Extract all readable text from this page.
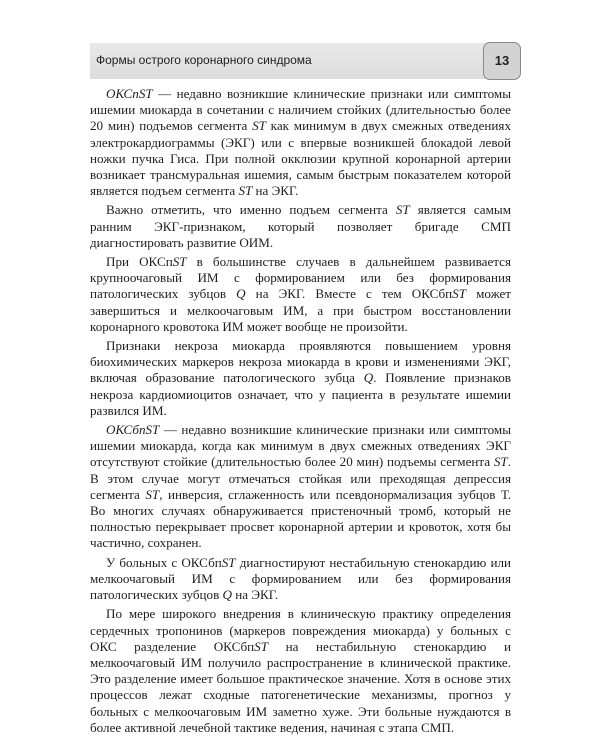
Формы острого коронарного синдрома	13

ОКСпST — недавно возникшие клинические признаки или симптомы ишемии миокарда в сочетании с наличием стойких (длительностью более 20 мин) подъемов сегмента ST как минимум в двух смежных отведениях электрокардиограммы (ЭКГ) или с впервые возникшей блокадой левой ножки пучка Гиса. При полной окклюзии крупной коронарной артерии возникает трансмуральная ишемия, самым быстрым показателем которой является подъем сегмента ST на ЭКГ.

Важно отметить, что именно подъем сегмента ST является самым ранним ЭКГ-признаком, который позволяет бригаде СМП диагностировать развитие ОИМ.

При ОКСпST в большинстве случаев в дальнейшем развивается крупноочаговый ИМ с формированием или без формирования патологических зубцов Q на ЭКГ. Вместе с тем ОКСбпST может завершиться и мелкоочаговым ИМ, а при быстром восстановлении коронарного кровотока ИМ может вообще не произойти.

Признаки некроза миокарда проявляются повышением уровня биохимических маркеров некроза миокарда в крови и изменениями ЭКГ, включая образование патологического зубца Q. Появление признаков некроза кардиомиоцитов означает, что у пациента в результате ишемии развился ИМ.

ОКСбпST — недавно возникшие клинические признаки или симптомы ишемии миокарда, когда как минимум в двух смежных отведениях ЭКГ отсутствуют стойкие (длительностью более 20 мин) подъемы сегмента ST. В этом случае могут отмечаться стойкая или преходящая депрессия сегмента ST, инверсия, сглаженность или псевдонормализация зубцов Т. Во многих случаях обнаруживается пристеночный тромб, который не полностью перекрывает просвет коронарной артерии и кровоток, хотя бы частично, сохранен.

У больных с ОКСбпST диагностируют нестабильную стенокардию или мелкоочаговый ИМ с формированием или без формирования патологических зубцов Q на ЭКГ.

По мере широкого внедрения в клиническую практику определения сердечных тропонинов (маркеров повреждения миокарда) у больных с ОКС разделение ОКСбпST на нестабильную стенокардию и мелкоочаговый ИМ получило распространение в клинической практике. Это разделение имеет большое практическое значение. Хотя в основе этих процессов лежат сходные патогенетические механизмы, прогноз у больных с мелкоочаговым ИМ заметно хуже. Эти больные нуждаются в более активной лечебной тактике ведения, начиная с этапа СМП.
